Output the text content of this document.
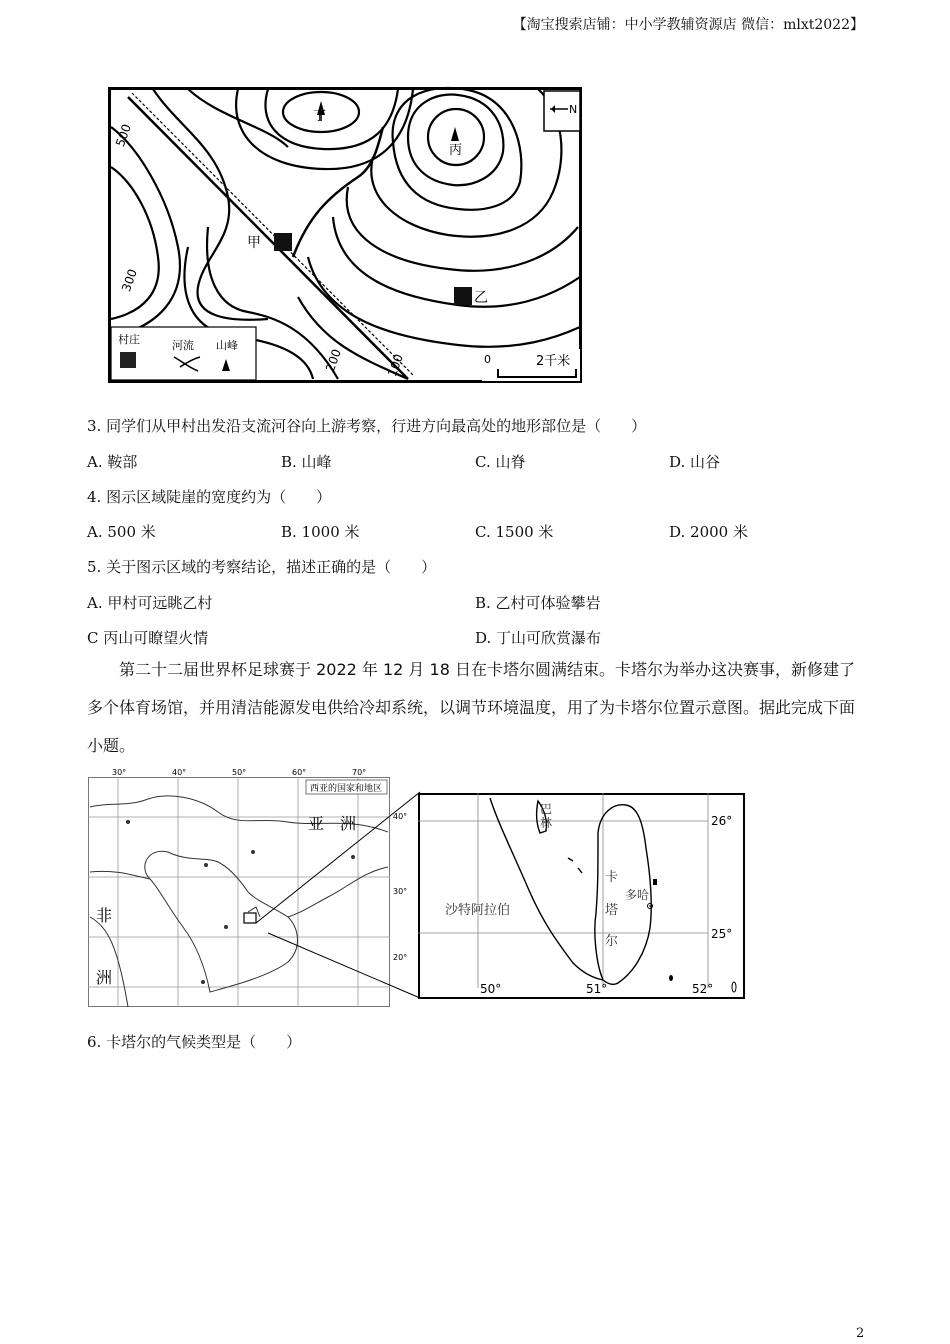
【淘宝搜索店铺：中小学教辅资源店 微信：mlxt2022】
丁
丙
甲
乙
N
500
300
200	100
村庄	河流 山峰
0	2千米
3. 同学们从甲村出发沿支流河谷向上游考察，行进方向最高处的地形部位是（　　）
A. 鞍部	B. 山峰	C. 山脊	D. 山谷
4. 图示区域陡崖的宽度约为（　　）
A. 500 米	B. 1000 米	C. 1500 米	D. 2000 米
5. 关于图示区域的考察结论，描述正确的是（　　）
A. 甲村可远眺乙村	B. 乙村可体验攀岩
C 丙山可瞭望火情	D. 丁山可欣赏瀑布
第二十二届世界杯足球赛于 2022 年 12 月 18 日在卡塔尔圆满结束。卡塔尔为举办这决赛事，新修建了多个体育场馆，并用清洁能源发电供给冷却系统，以调节环境温度，用了为卡塔尔位置示意图。据此完成下面小题。
西亚的国家和地区
30°	40°	50°	60°	70°
40°
30°
20°
亚　洲
非
洲
巴
林
沙特阿拉伯
卡
塔
尔
多哈
26°
25°
50°	51°	52°
6. 卡塔尔的气候类型是（　　）
2
